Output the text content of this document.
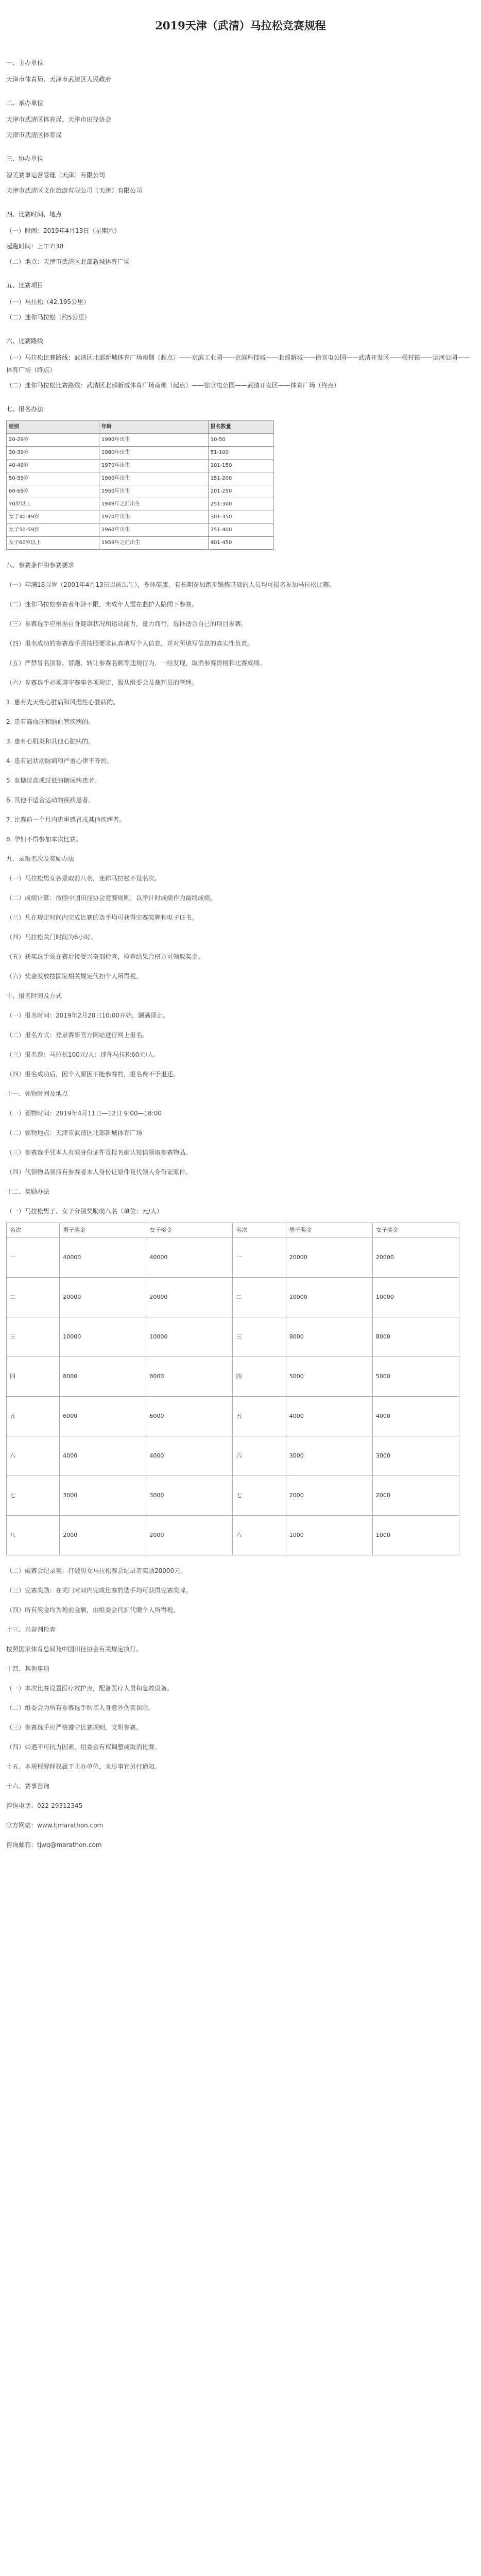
2019天津（武清）马拉松竞赛规程
一、主办单位
天津市体育局、天津市武清区人民政府
二、承办单位
天津市武清区体育局、天津市田径协会
天津市武清区体育局
三、协办单位
智美赛事运营管理（天津）有限公司
天津市武清区文化旅游有限公司（天津）有限公司
四、比赛时间、地点
（一）时间：2019年4月13日（星期六）
起跑时间：上午7:30
（二）地点：天津市武清区北部新城体育广场
五、比赛项目
（一）马拉松（42.195公里）
（二）迷你马拉松（约5公里）
六、比赛路线
（一）马拉松比赛路线：武清区北部新城体育广场南侧（起点）——京滨工业园——京滨科技城——北部新城——徐官屯公园——武清开发区——杨村镇——运河公园——体育广场（终点）
（二）迷你马拉松比赛路线：武清区北部新城体育广场南侧（起点）——徐官屯公园——武清开发区——体育广场（终点）
七、报名办法
组别	年龄	报名数量
20-29岁	1990年出生	10-50
30-39岁	1980年出生	51-100
40-49岁	1970年出生	101-150
50-59岁	1960年出生	151-200
60-69岁	1950年出生	201-250
70岁以上	1949年之前出生	251-300
女子40-49岁	1970年出生	301-350
女子50-59岁	1960年出生	351-400
女子60岁以上	1959年之前出生	401-450

八、参赛条件和参赛要求

（一）年满18周岁（2001年4月13日以前出生），身体健康，有长期参加跑步锻炼基础的人员均可报名参加马拉松比赛。

（二）迷你马拉松参赛者年龄不限，未成年人需在监护人陪同下参赛。

（三）参赛选手应根据自身健康状况和运动能力，量力而行，选择适合自己的项目参赛。

（四）报名成功的参赛选手须按照要求认真填写个人信息，并对所填写信息的真实性负责。

（五）严禁冒名顶替、替跑、转让参赛名额等违规行为，一经发现，取消参赛资格和比赛成绩。

（六）参赛选手必须遵守赛事各项规定，服从组委会及裁判员的管理。

1. 患有先天性心脏病和风湿性心脏病的。

2. 患有高血压和脑血管疾病的。

3. 患有心肌炎和其他心脏病的。

4. 患有冠状动脉病和严重心律不齐的。

5. 血糖过高或过低的糖尿病患者。

6. 其他不适合运动的疾病患者。

7. 比赛前一个月内患重感冒或其他疾病者。

8. 孕妇不得参加本次比赛。

九、录取名次及奖励办法

（一）马拉松男女各录取前八名，迷你马拉松不设名次。

（二）成绩计算：按照中国田径协会竞赛规则，以净计时成绩作为最终成绩。

（三）凡在规定时间内完成比赛的选手均可获得完赛奖牌和电子证书。

（四）马拉松关门时间为6小时。

（五）获奖选手须在赛后接受兴奋剂检查，检查结果合格方可领取奖金。

（六）奖金发放按国家相关规定代扣个人所得税。

十、报名时间及方式

（一）报名时间：2019年2月20日10:00开始，额满即止。

（二）报名方式：登录赛事官方网站进行网上报名。

（三）报名费：马拉松100元/人；迷你马拉松60元/人。

（四）报名成功后，因个人原因不能参赛的，报名费不予退还。

十一、领物时间及地点

（一）领物时间：2019年4月11日—12日 9:00—18:00

（二）领物地点：天津市武清区北部新城体育广场

（三）参赛选手凭本人有效身份证件及报名确认短信领取参赛物品。

（四）代领物品须持有参赛者本人身份证原件及代领人身份证原件。

十二、奖励办法

（一）马拉松男子、女子分别奖励前八名（单位：元/人）
名次	男子奖金	女子奖金	名次	男子奖金	女子奖金
一	40000	40000	一	20000	20000
二	20000	20000	二	10000	10000
三	10000	10000	三	8000	8000
四	8000	8000	四	5000	5000
五	6000	6000	五	4000	4000
六	4000	4000	六	3000	3000
七	3000	3000	七	2000	2000
八	2000	2000	八	1000	1000

（二）破赛会纪录奖：打破男女马拉松赛会纪录者奖励20000元。

（三）完赛奖励：在关门时间内完成比赛的选手均可获得完赛奖牌。

（四）所有奖金均为税前金额，由组委会代扣代缴个人所得税。

十三、兴奋剂检查

按照国家体育总局及中国田径协会有关规定执行。

十四、其他事项

（一）本次比赛设置医疗救护点，配备医疗人员和急救设备。

（二）组委会为所有参赛选手购买人身意外伤害保险。

（三）参赛选手应严格遵守比赛规则，文明参赛。

（四）如遇不可抗力因素，组委会有权调整或取消比赛。

十五、本规程解释权属于主办单位，未尽事宜另行通知。

十六、赛事咨询

咨询电话：022-29312345

官方网站：www.tjmarathon.com

咨询邮箱：tjwq@marathon.com
